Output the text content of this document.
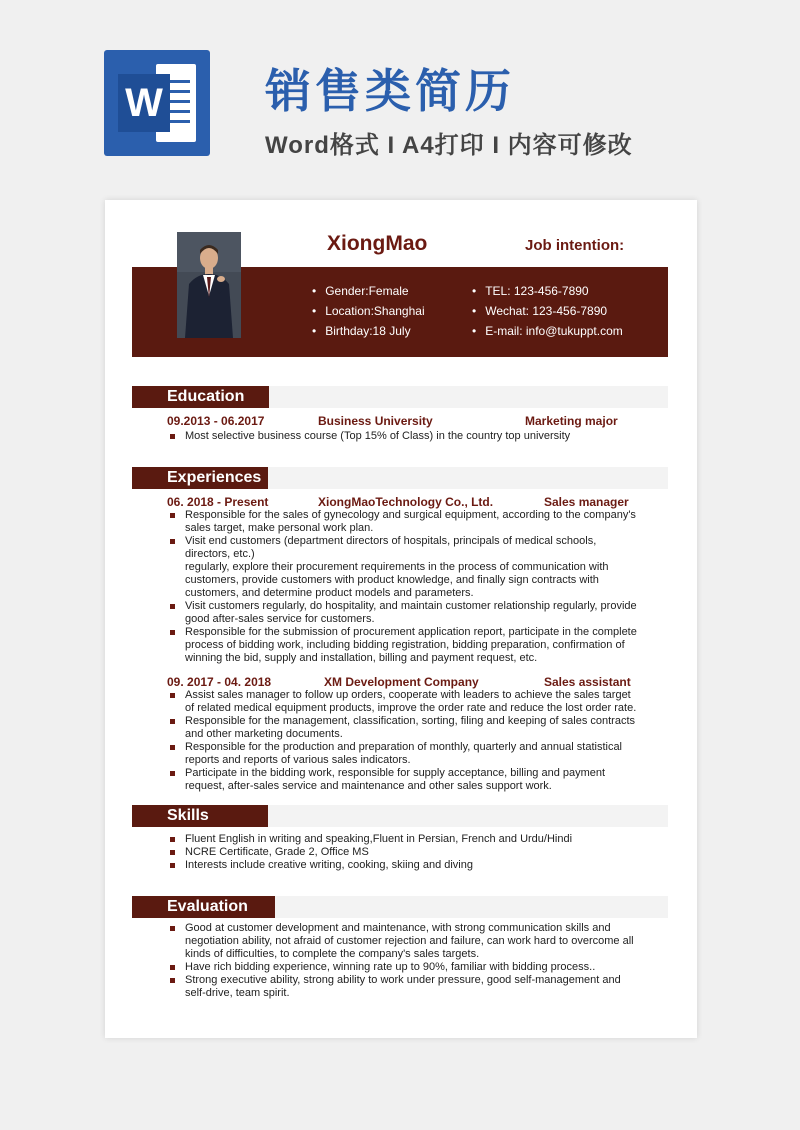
W 销售类简历
Word格式 I A4打印 I 内容可修改
XiongMao	Job intention:
• Gender:Female
• Location:Shanghai
• Birthday:18 July
• TEL: 123-456-7890
• Wechat: 123-456-7890
• E-mail: info@tukuppt.com
Education
09.2013 - 06.2017	Business University	Marketing major
Most selective business course (Top 15% of Class) in the country top university
Experiences
06. 2018 - Present	XiongMaoTechnology Co., Ltd.	Sales manager
Responsible for the sales of gynecology and surgical equipment, according to the company's sales target, make personal work plan.
Visit end customers (department directors of hospitals, principals of medical schools, directors, etc.)
regularly, explore their procurement requirements in the process of communication with customers, provide customers with product knowledge, and finally sign contracts with customers, and determine product models and parameters.
Visit customers regularly, do hospitality, and maintain customer relationship regularly, provide good after-sales service for customers.
Responsible for the submission of procurement application report, participate in the complete process of bidding work, including bidding registration, bidding preparation, confirmation of winning the bid, supply and installation, billing and payment request, etc.
09. 2017 - 04. 2018	XM Development Company	Sales assistant
Assist sales manager to follow up orders, cooperate with leaders to achieve the sales target of related medical equipment products, improve the order rate and reduce the lost order rate.
Responsible for the management, classification, sorting, filing and keeping of sales contracts and other marketing documents.
Responsible for the production and preparation of monthly, quarterly and annual statistical reports and reports of various sales indicators.
Participate in the bidding work, responsible for supply acceptance, billing and payment request, after-sales service and maintenance and other sales support work.
Skills
Fluent English in writing and speaking,Fluent in Persian, French and Urdu/Hindi
NCRE Certificate, Grade 2, Office MS
Interests include creative writing, cooking, skiing and diving
Evaluation
Good at customer development and maintenance, with strong communication skills and negotiation ability, not afraid of customer rejection and failure, can work hard to overcome all kinds of difficulties, to complete the company's sales targets.
Have rich bidding experience, winning rate up to 90%, familiar with bidding process..
Strong executive ability, strong ability to work under pressure, good self-management and self-drive, team spirit.
